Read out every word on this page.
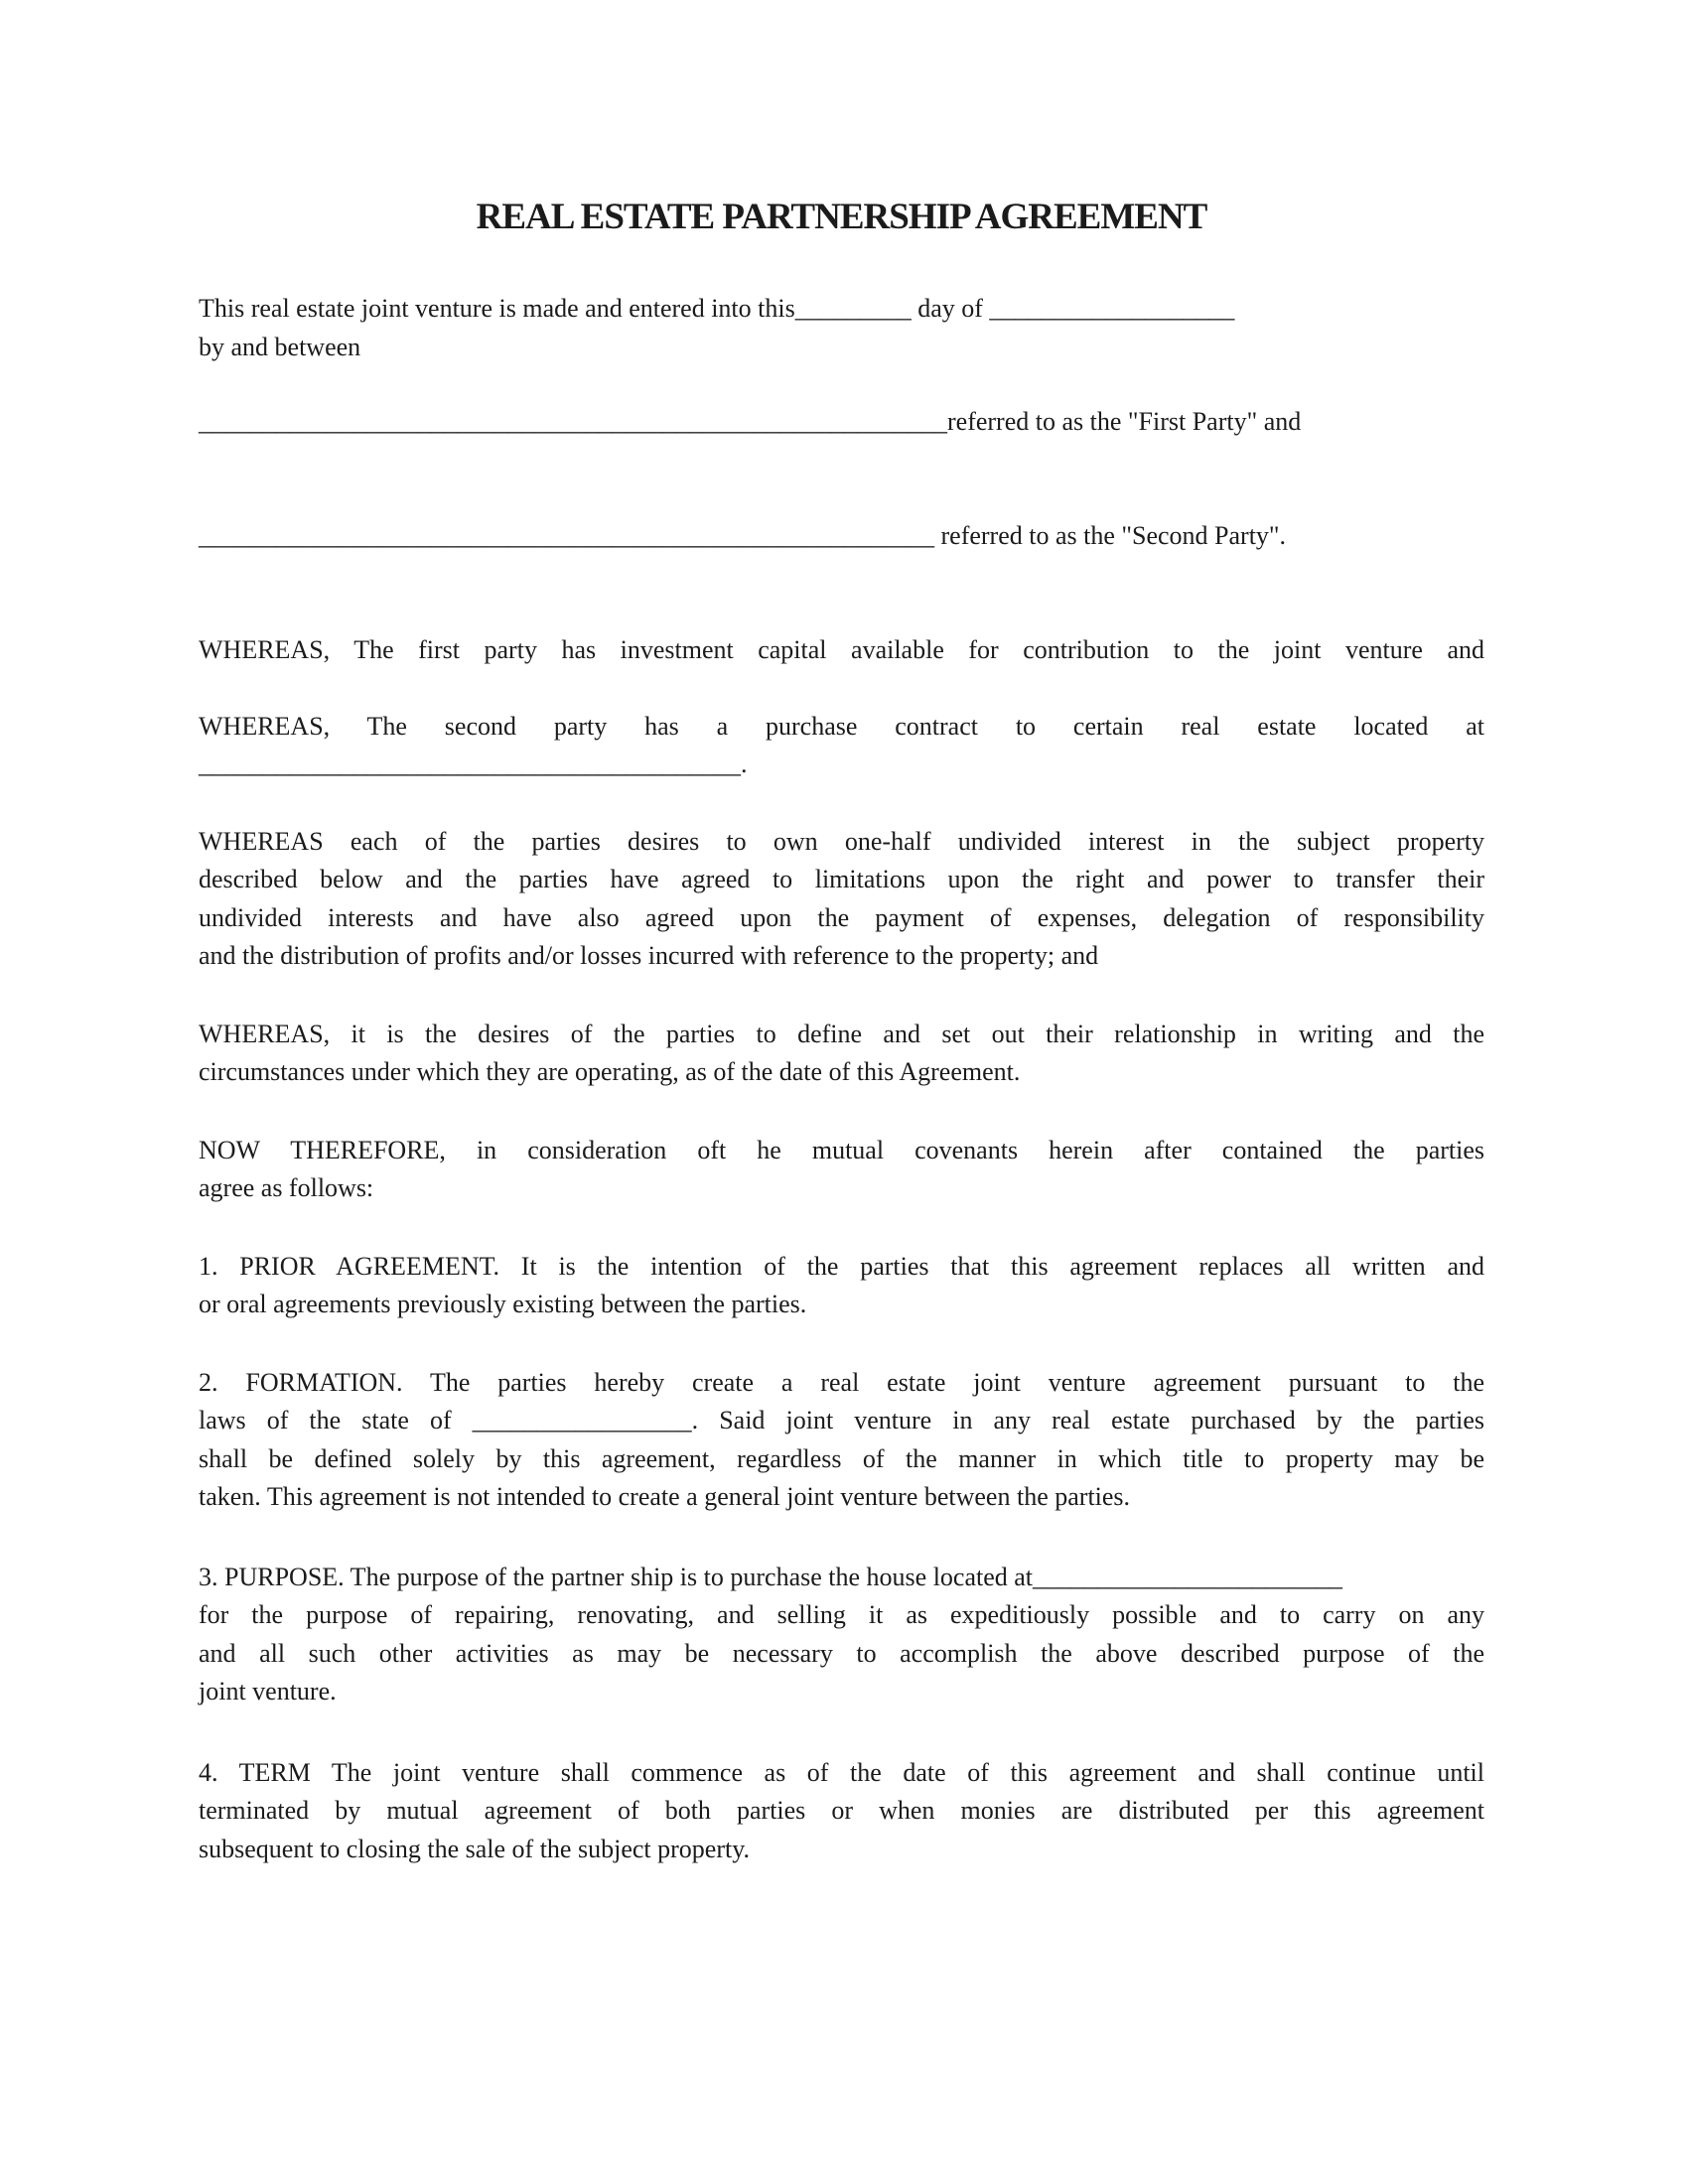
REAL ESTATE PARTNERSHIP AGREEMENT
This real estate joint venture is made and entered into this_________ day of ___________________
by and between
__________________________________________________________referred to as the "First Party" and
_________________________________________________________ referred to as the "Second Party".
WHEREAS, The first party has investment capital available for contribution to the joint venture and
WHEREAS, The second party has a purchase contract to certain real estate located at
__________________________________________.
WHEREAS each of the parties desires to own one-half undivided interest in the subject property
described below and the parties have agreed to limitations upon the right and power to transfer their
undivided interests and have also agreed upon the payment of expenses, delegation of responsibility
and the distribution of profits and/or losses incurred with reference to the property; and
WHEREAS, it is the desires of the parties to define and set out their relationship in writing and the
circumstances under which they are operating, as of the date of this Agreement.
NOW THEREFORE, in consideration oft he mutual covenants herein after contained the parties
agree as follows:
1. PRIOR AGREEMENT. It is the intention of the parties that this agreement replaces all written and
or oral agreements previously existing between the parties.
2. FORMATION. The parties hereby create a real estate joint venture agreement pursuant to the
laws of the state of _________________. Said joint venture in any real estate purchased by the parties
shall be defined solely by this agreement, regardless of the manner in which title to property may be
taken. This agreement is not intended to create a general joint venture between the parties.
3. PURPOSE. The purpose of the partner ship is to purchase the house located at________________________
for the purpose of repairing, renovating, and selling it as expeditiously possible and to carry on any
and all such other activities as may be necessary to accomplish the above described purpose of the
joint venture.
4. TERM The joint venture shall commence as of the date of this agreement and shall continue until
terminated by mutual agreement of both parties or when monies are distributed per this agreement
subsequent to closing the sale of the subject property.
